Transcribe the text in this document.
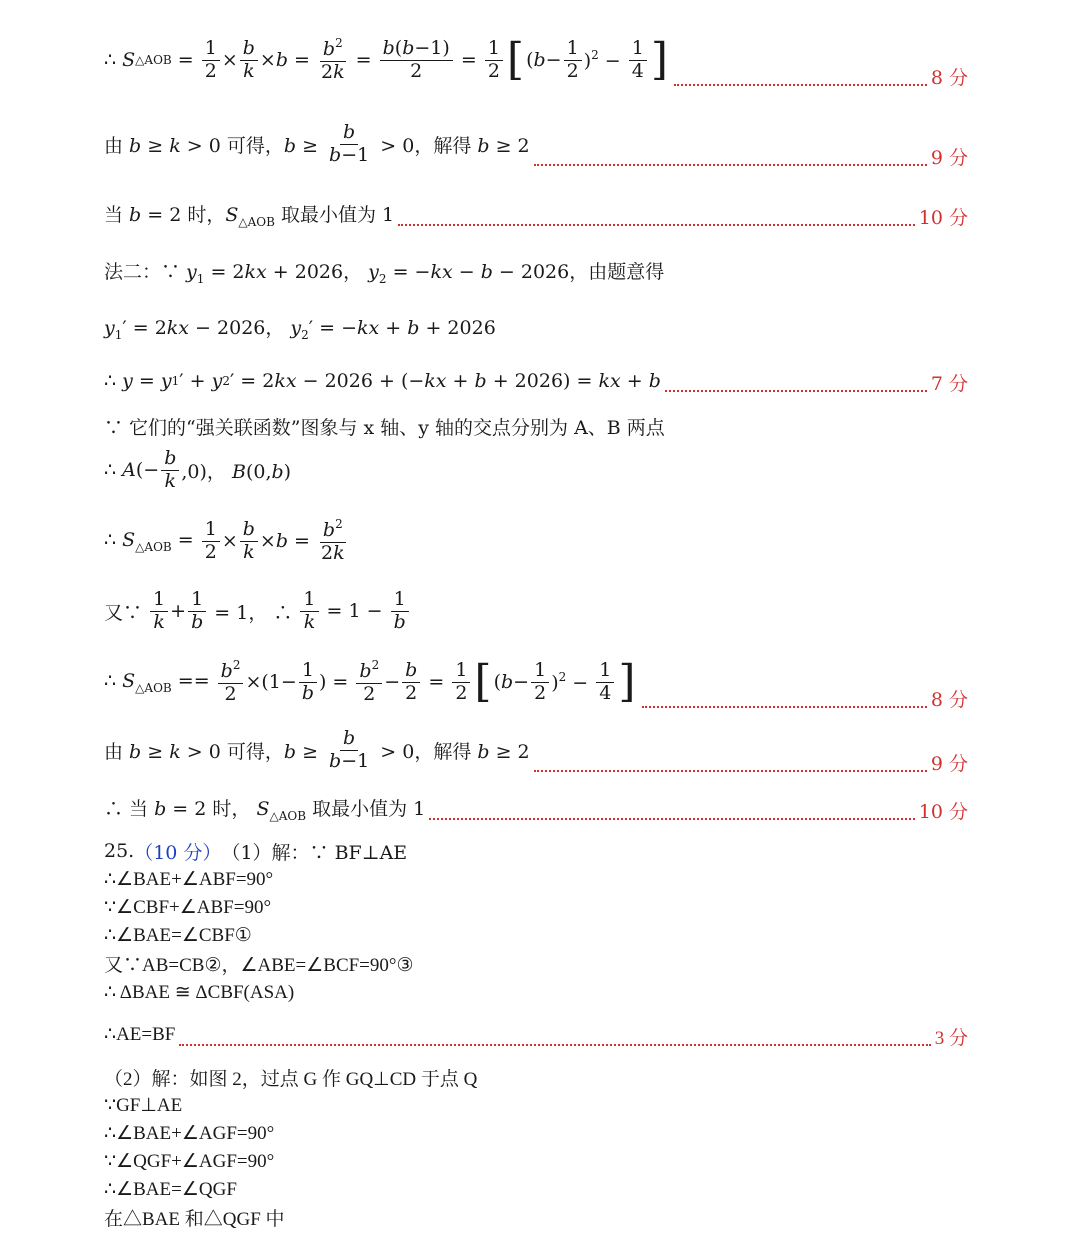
∴ S △AOB = $\frac{1}{2} \times \frac{b}{k} \times b = \frac{b^2}{2k} = \frac{b(b-1)}{2} = \frac{1}{2}$ [ $(b- \frac{1}{2} )^2 - \frac{1}{4}$ ]	8 分
由 b ≥ k > 0 可得，$b \ge \frac{b}{b-1} > 0$，解得 b ≥ 2
9 分
当 b = 2 时，$S_{\triangle AOB}$ 取最小值为 1	10 分
法二：∵ $y_1 = 2kx + 2026$， $y_2 = -kx - b - 2026$，由题意得
$y_1' = 2kx - 2026$， $y_2' = -kx + b + 2026$
∴ y = y 1 ′ + y 2 ′ = 2 kx − 2026 + (− kx + b + 2026) = kx + b	7 分
∵ 它们的“强关联函数”图象与 x 轴、y 轴的交点分别为 A、B 两点
∴ $A(- \frac{b}{k} ,0)$， B(0,b)
∴ $S_{\triangle AOB} = \frac{1}{2} \times \frac{b}{k} \times b = \frac{b^2}{2k}$
又∵ $\frac{1}{k} + \frac{1}{b} = 1$， ∴ $\frac{1}{k} = 1 - \frac{1}{b}$
∴ $S_{\triangle AOB} == \frac{b^2}{2} \times(1- \frac{1}{b}$ ) = $\frac{b^2}{2} - \frac{b}{2} = \frac{1}{2}$ [ $(b- \frac{1}{2} )^2 - \frac{1}{4}$ ]	8 分
由 b ≥ k > 0 可得，$b \ge \frac{b}{b-1} > 0$，解得 b ≥ 2
9 分
∴ 当 b = 2 时， $S_{\triangle AOB}$ 取最小值为 1	10 分
25. （10 分） （1）解：∵ BF⊥AE
∴∠BAE+∠ABF=90°
∵∠CBF+∠ABF=90°
∴∠BAE=∠CBF①
又∵AB=CB②，∠ABE=∠BCF=90°③
∴ ΔBAE ≅ ΔCBF(ASA)
∴AE=BF	3 分
（2）解：如图 2，过点 G 作 GQ⊥CD 于点 Q
∵GF⊥AE
∴∠BAE+∠AGF=90°
∵∠QGF+∠AGF=90°
∴∠BAE=∠QGF
在△BAE 和△QGF 中
